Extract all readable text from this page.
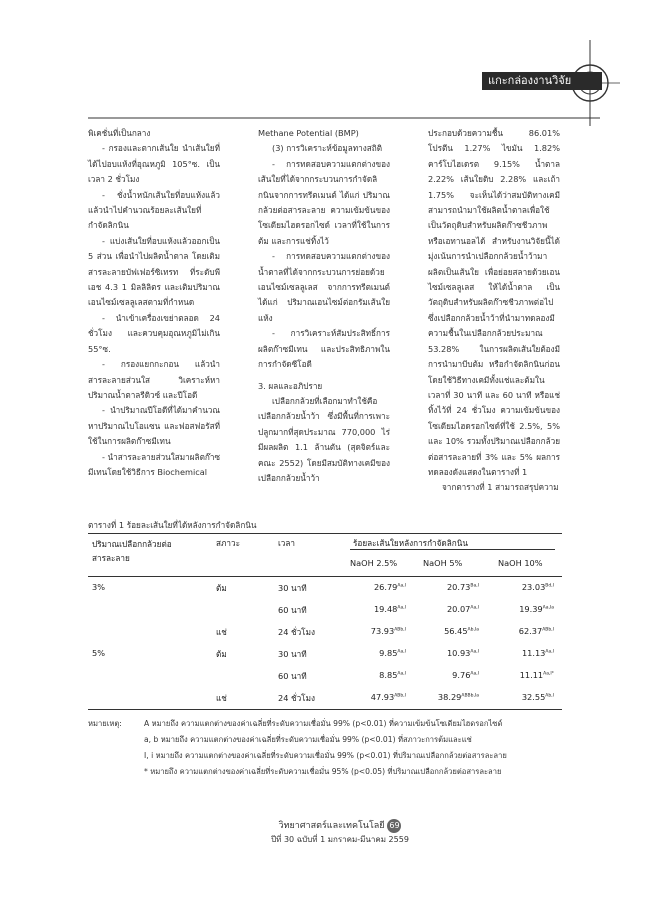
แกะกล่องงานวิจัย

พิเคชั่นที่เป็นกลาง

- กรองและตากเส้นใย นำเส้นใยที่ได้ไปอบแห้งที่อุณหภูมิ 105°ซ. เป็นเวลา 2 ชั่วโมง

- ชั่งน้ำหนักเส้นใยที่อบแห้งแล้ว แล้วนำไปคำนวณร้อยละเส้นใยที่กำจัดลิกนิน

- แบ่งเส้นใยที่อบแห้งแล้วออกเป็น 5 ส่วน เพื่อนำไปผลิตน้ำตาล โดยเติมสารละลายบัฟเฟอร์ซิเทรท ที่ระดับพีเอช 4.3 1 มิลลิลิตร และเติมปริมาณเอนไซม์เซลลูเลสตามที่กำหนด

- นำเข้าเครื่องเขย่าตลอด 24 ชั่วโมง และควบคุมอุณหภูมิไม่เกิน 55°ซ.

- กรองแยกกะกอน แล้วนำสารละลายส่วนใส วิเคราะห์หาปริมาณน้ำตาลรีดิวซ์ และปีโอดี

- นำปริมาณปีโอดีที่ได้มาคำนวณหาปริมาณไบโอแซน และฟอสฟอรัสที่ใช้ในการผลิตก๊าซมีเทน

- นำสารละลายส่วนใสมาผลิตก๊าซมีเทนโดยใช้วิธีการ Biochemical

Methane Potential (BMP)

(3) การวิเคราะห์ข้อมูลทางสถิติ

- การทดสอบความแตกต่างของเส้นใยที่ได้จากกระบวนการกำจัดลิกนินจากการทรีตเมนต์ ได้แก่ ปริมาณกล้วยต่อสารละลาย ความเข้มข้นของโซเดียมไฮดรอกไซด์ เวลาที่ใช้ในการต้ม และการแช่ทิ้งไว้

- การทดสอบความแตกต่างของน้ำตาลที่ได้จากกระบวนการย่อยด้วยเอนไซม์เซลลูเลส จากการทรีตเมนต์ ได้แก่ ปริมาณเอนไซม์ต่อกรัมเส้นใยแห้ง

- การวิเคราะห์สัมประสิทธิ์การผลิตก๊าซมีเทน และประสิทธิภาพในการกำจัดซีโอดี

3. ผลและอภิปราย

เปลือกกล้วยที่เลือกมาทำใช้คือ เปลือกกล้วยน้ำว้า ซึ่งมีพื้นที่การเพาะปลูกมากที่สุดประมาณ 770,000 ไร่ มีผลผลิต 1.1 ล้านตัน (สุดจิตร์และคณะ 2552) โดยมีสมบัติทางเคมีของเปลือกกล้วยน้ำว้า

ประกอบด้วยความชื้น 86.01% โปรตีน 1.27% ไขมัน 1.82% คาร์โบไฮเดรต 9.15% น้ำตาล 2.22% เส้นใยดิบ 2.28% และเถ้า 1.75% จะเห็นได้ว่าสมบัติทางเคมีสามารถนำมาใช้ผลิตน้ำตาลเพื่อใช้เป็นวัตถุดิบสำหรับผลิตก๊าซชีวภาพ หรือเอทานอลได้ สำหรับงานวิจัยนี้ได้มุ่งเน้นการนำเปลือกกล้วยน้ำว้ามาผลิตเป็นเส้นใย เพื่อย่อยสลายด้วยเอนไซม์เซลลูเลส ให้ได้น้ำตาล เป็นวัตถุดิบสำหรับผลิตก๊าซชีวภาพต่อไป ซึ่งเปลือกกล้วยน้ำว้าที่นำมาทดลองมีความชื้นในเปลือกกล้วยประมาณ 53.28% ในการผลิตเส้นใยต้องมีการนำมาบีบต้ม หรือกำจัดลิกนินก่อน โดยใช้วิธีทางเคมีทั้งแช่และต้มในเวลาที่ 30 นาที และ 60 นาที หรือแช่ทิ้งไว้ที่ 24 ชั่วโมง ความเข้มข้นของโซเดียมไฮดรอกไซด์ที่ใช้ 2.5%, 5% และ 10% รวมทั้งปริมาณเปลือกกล้วยต่อสารละลายที่ 3% และ 5% ผลการทดลองดังแสดงในตารางที่ 1

จากตารางที่ 1 สามารถสรุปความ

ตารางที่ 1 ร้อยละเส้นใยที่ได้หลังการกำจัดลิกนิน
ปริมาณเปลือกกล้วยต่อสารละลาย
สภาวะ	เวลา	ร้อยละเส้นใยหลังการกำจัดลิกนิน
NaOH 2.5%	NaOH 5%	NaOH 10%
3%	ต้ม	30 นาที	$26.79^{Aa,I}$	$20.73^{Ba,I}$	$23.03^{Bd,I}$
60 นาที	$19.48^{Aa,I}$	$20.07^{Aa,I}$	$19.39^{Aa,Ia}$
แช่	24 ชั่วโมง	$73.93^{ABb,I}$	$56.45^{Ab,Ia}$	$62.37^{ABb,I}$
5%	ต้ม	30 นาที	$9.85^{Aa,I}$	$10.93^{Aa,I}$	$11.13^{Aa,I}$
60 นาที	$8.85^{Aa,I}$	$9.76^{Aa,I}$	$11.11^{Aa,I*}$
แช่	24 ชั่วโมง	$47.93^{ABb,I}$	$38.29^{ABBb,Ia}$	$32.55^{Ab,I}$
หมายเหตุ:	A หมายถึง ความแตกต่างของค่าเฉลี่ยที่ระดับความเชื่อมั่น 99% (p<0.01) ที่ความเข้มข้นโซเดียมไฮดรอกไซด์
a, b หมายถึง ความแตกต่างของค่าเฉลี่ยที่ระดับความเชื่อมั่น 99% (p<0.01) ที่สภาวะการต้มและแช่
I, i หมายถึง ความแตกต่างของค่าเฉลี่ยที่ระดับความเชื่อมั่น 99% (p<0.01) ที่ปริมาณเปลือกกล้วยต่อสารละลาย
* หมายถึง ความแตกต่างของค่าเฉลี่ยที่ระดับความเชื่อมั่น 95% (p<0.05) ที่ปริมาณเปลือกกล้วยต่อสารละลาย
วิทยาศาสตร์และเทคโนโลยี 69
ปีที่ 30 ฉบับที่ 1 มกราคม-มีนาคม 2559
